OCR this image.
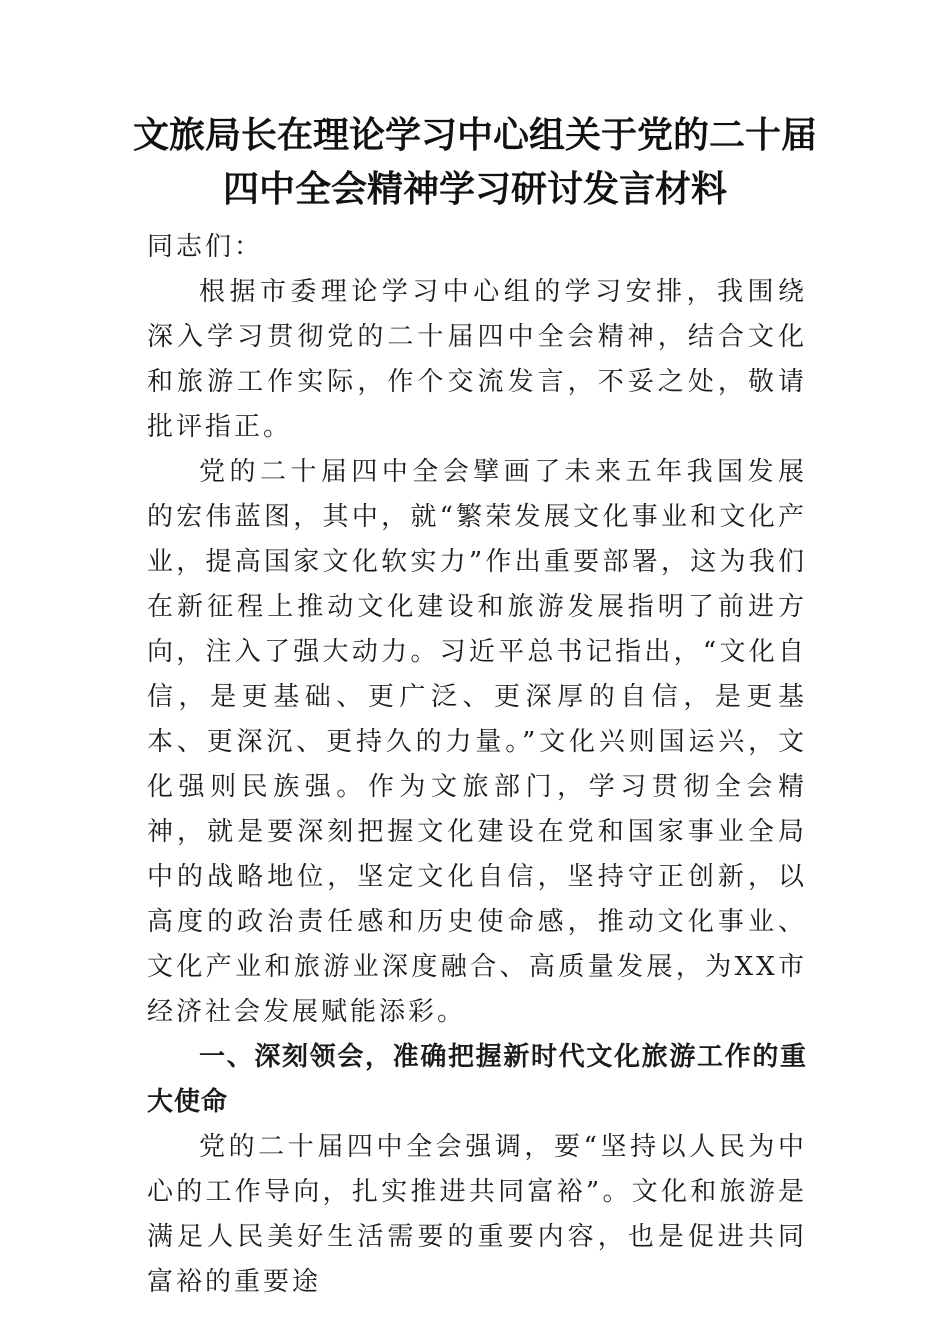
文旅局长在理论学习中心组关于党的二十届四中全会精神学习研讨发言材料

同志们：

根据市委理论学习中心组的学习安排，我围绕深入学习贯彻党的二十届四中全会精神，结合文化和旅游工作实际，作个交流发言，不妥之处，敬请批评指正。

党的二十届四中全会擘画了未来五年我国发展的宏伟蓝图，其中，就“繁荣发展文化事业和文化产业，提高国家文化软实力”作出重要部署，这为我们在新征程上推动文化建设和旅游发展指明了前进方向，注入了强大动力。习近平总书记指出，“文化自信，是更基础、更广泛、更深厚的自信，是更基本、更深沉、更持久的力量。”文化兴则国运兴，文化强则民族强。作为文旅部门，学习贯彻全会精神，就是要深刻把握文化建设在党和国家事业全局中的战略地位，坚定文化自信，坚持守正创新，以高度的政治责任感和历史使命感，推动文化事业、文化产业和旅游业深度融合、高质量发展，为XX市经济社会发展赋能添彩。

一、深刻领会，准确把握新时代文化旅游工作的重大使命

党的二十届四中全会强调，要“坚持以人民为中心的工作导向，扎实推进共同富裕”。文化和旅游是满足人民美好生活需要的重要内容，也是促进共同富裕的重要途
